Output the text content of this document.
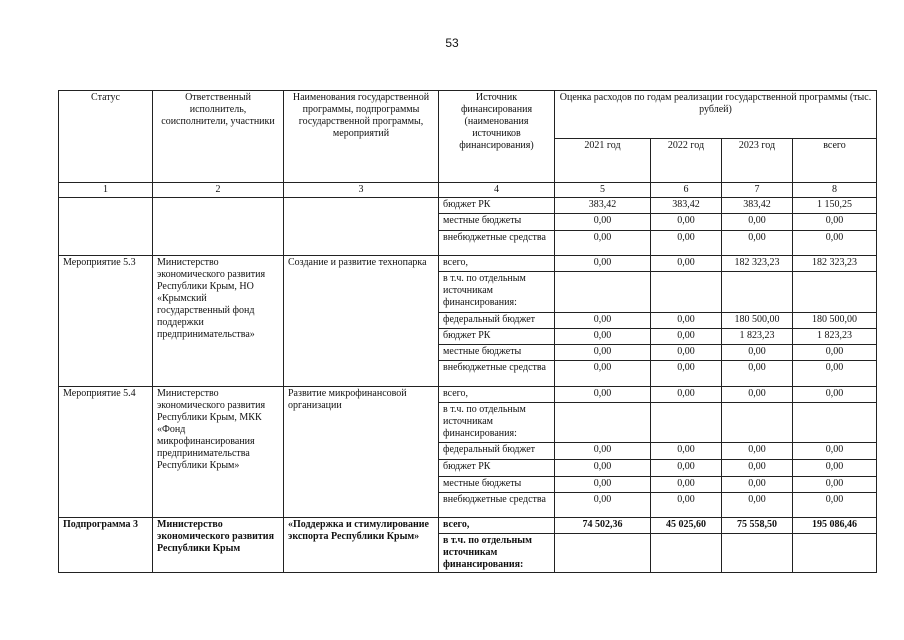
53
Статус	Ответственный исполнитель, соисполнители, участники	Наименования государственной программы, подпрограммы государственной программы, мероприятий	Источник финансирования (наименования источников финансирования)	Оценка расходов по годам реализации государственной программы (тыс. рублей)			
				2021 год	2022 год	2023 год	всего
1	2	3	4	5	6	7	8
			бюджет РК	383,42	383,42	383,42	1 150,25
			местные бюджеты	0,00	0,00	0,00	0,00
			внебюджетные средства	0,00	0,00	0,00	0,00
Мероприятие 5.3	Министерство экономического развития Республики Крым, НО «Крымский государственный фонд поддержки предпринимательства»	Создание и развитие технопарка	всего,	0,00	0,00	182 323,23	182 323,23
			в т.ч. по отдельным источникам финансирования:				
			федеральный бюджет	0,00	0,00	180 500,00	180 500,00
			бюджет РК	0,00	0,00	1 823,23	1 823,23
			местные бюджеты	0,00	0,00	0,00	0,00
			внебюджетные средства	0,00	0,00	0,00	0,00
Мероприятие 5.4	Министерство экономического развития Республики Крым, МКК «Фонд микрофинансирования предпринимательства Республики Крым»	Развитие микрофинансовой организации	всего,	0,00	0,00	0,00	0,00
			в т.ч. по отдельным источникам финансирования:				
			федеральный бюджет	0,00	0,00	0,00	0,00
			бюджет РК	0,00	0,00	0,00	0,00
			местные бюджеты	0,00	0,00	0,00	0,00
			внебюджетные средства	0,00	0,00	0,00	0,00
Подпрограмма 3	Министерство экономического развития Республики Крым	«Поддержка и стимулирование экспорта Республики Крым»	всего,	74 502,36	45 025,60	75 558,50	195 086,46
			в т.ч. по отдельным источникам финансирования:				
